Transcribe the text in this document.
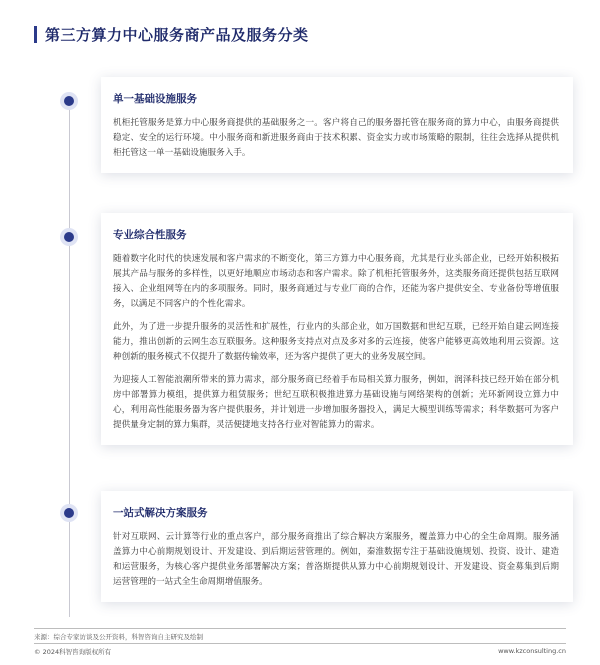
第三方算力中心服务商产品及服务分类
单一基础设施服务

机柜托管服务是算力中心服务商提供的基础服务之一。客户将自己的服务器托管在服务商的算力中心，由服务商提供稳定、安全的运行环境。中小服务商和新进服务商由于技术积累、资金实力或市场策略的限制，往往会选择从提供机柜托管这一单一基础设施服务入手。

专业综合性服务

随着数字化时代的快速发展和客户需求的不断变化，第三方算力中心服务商，尤其是行业头部企业，已经开始积极拓展其产品与服务的多样性，以更好地顺应市场动态和客户需求。除了机柜托管服务外，这类服务商还提供包括互联网接入、企业组网等在内的多项服务。同时，服务商通过与专业厂商的合作，还能为客户提供安全、专业备份等增值服务，以满足不同客户的个性化需求。

此外，为了进一步提升服务的灵活性和扩展性，行业内的头部企业，如万国数据和世纪互联，已经开始自建云网连接能力，推出创新的云网生态互联服务。这种服务支持点对点及多对多的云连接，使客户能够更高效地利用云资源。这种创新的服务模式不仅提升了数据传输效率，还为客户提供了更大的业务发展空间。

为迎接人工智能浪潮所带来的算力需求，部分服务商已经着手布局相关算力服务，例如，润泽科技已经开始在部分机房中部署算力模组，提供算力租赁服务；世纪互联积极推进算力基础设施与网络架构的创新；光环新网设立算力中心，利用高性能服务器为客户提供服务，并计划进一步增加服务器投入，满足大模型训练等需求；科华数据可为客户提供量身定制的算力集群，灵活便捷地支持各行业对智能算力的需求。

一站式解决方案服务

针对互联网、云计算等行业的重点客户，部分服务商推出了综合解决方案服务，覆盖算力中心的全生命周期。服务涵盖算力中心前期规划设计、开发建设、到后期运营管理的。例如，秦淮数据专注于基础设施规划、投资、设计、建造和运营服务，为核心客户提供业务部署解决方案；普洛斯提供从算力中心前期规划设计、开发建设、资金募集到后期运营管理的一站式全生命周期增值服务。

来源：综合专家访谈及公开资料，科智咨询自主研究及绘制
© 2024科智咨询版权所有	www.kzconsulting.cn
